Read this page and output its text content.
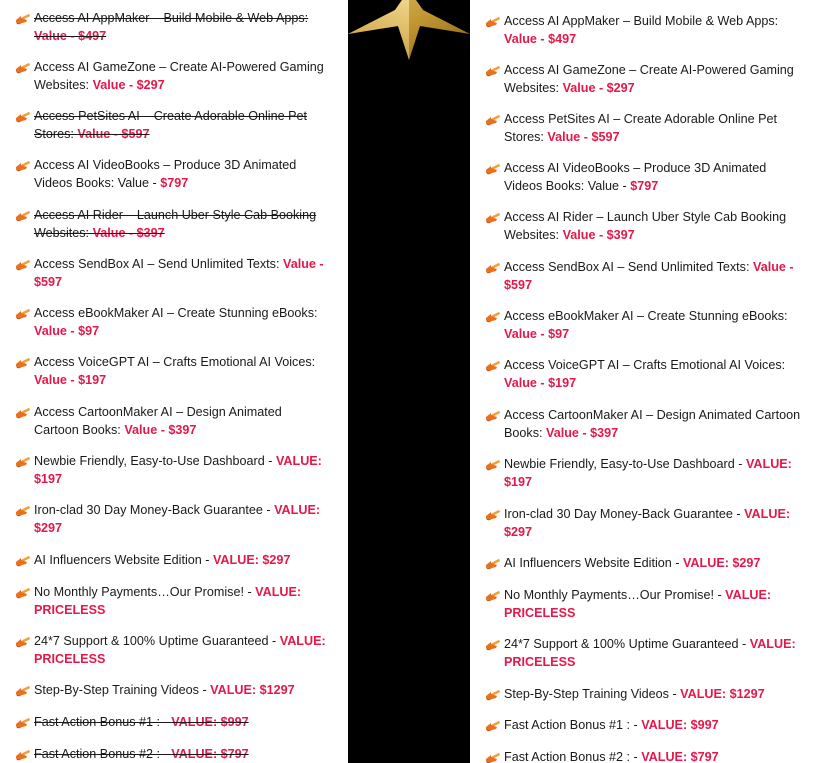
Access AI AppMaker – Build Mobile & Web Apps: Value - $497
Access AI GameZone – Create AI-Powered Gaming Websites: Value - $297
Access PetSites AI – Create Adorable Online Pet Stores: Value - $597
Access AI VideoBooks – Produce 3D Animated Videos Books: Value - $797
Access AI Rider – Launch Uber Style Cab Booking Websites: Value - $397
Access SendBox AI – Send Unlimited Texts: Value - $597
Access eBookMaker AI – Create Stunning eBooks: Value - $97
Access VoiceGPT AI – Crafts Emotional AI Voices: Value - $197
Access CartoonMaker AI – Design Animated Cartoon Books: Value - $397
Newbie Friendly, Easy-to-Use Dashboard - VALUE: $197
Iron-clad 30 Day Money-Back Guarantee - VALUE: $297
AI Influencers Website Edition - VALUE: $297
No Monthly Payments…Our Promise! - VALUE: PRICELESS
24*7 Support & 100% Uptime Guaranteed - VALUE: PRICELESS
Step-By-Step Training Videos - VALUE: $1297
Fast Action Bonus #1 : - VALUE: $997
Fast Action Bonus #2 : - VALUE: $797
Access AI AppMaker – Build Mobile & Web Apps: Value - $497
Access AI GameZone – Create AI-Powered Gaming Websites: Value - $297
Access PetSites AI – Create Adorable Online Pet Stores: Value - $597
Access AI VideoBooks – Produce 3D Animated Videos Books: Value - $797
Access AI Rider – Launch Uber Style Cab Booking Websites: Value - $397
Access SendBox AI – Send Unlimited Texts: Value - $597
Access eBookMaker AI – Create Stunning eBooks: Value - $97
Access VoiceGPT AI – Crafts Emotional AI Voices: Value - $197
Access CartoonMaker AI – Design Animated Cartoon Books: Value - $397
Newbie Friendly, Easy-to-Use Dashboard - VALUE: $197
Iron-clad 30 Day Money-Back Guarantee - VALUE: $297
AI Influencers Website Edition - VALUE: $297
No Monthly Payments…Our Promise! - VALUE: PRICELESS
24*7 Support & 100% Uptime Guaranteed - VALUE: PRICELESS
Step-By-Step Training Videos - VALUE: $1297
Fast Action Bonus #1 : - VALUE: $997
Fast Action Bonus #2 : - VALUE: $797
